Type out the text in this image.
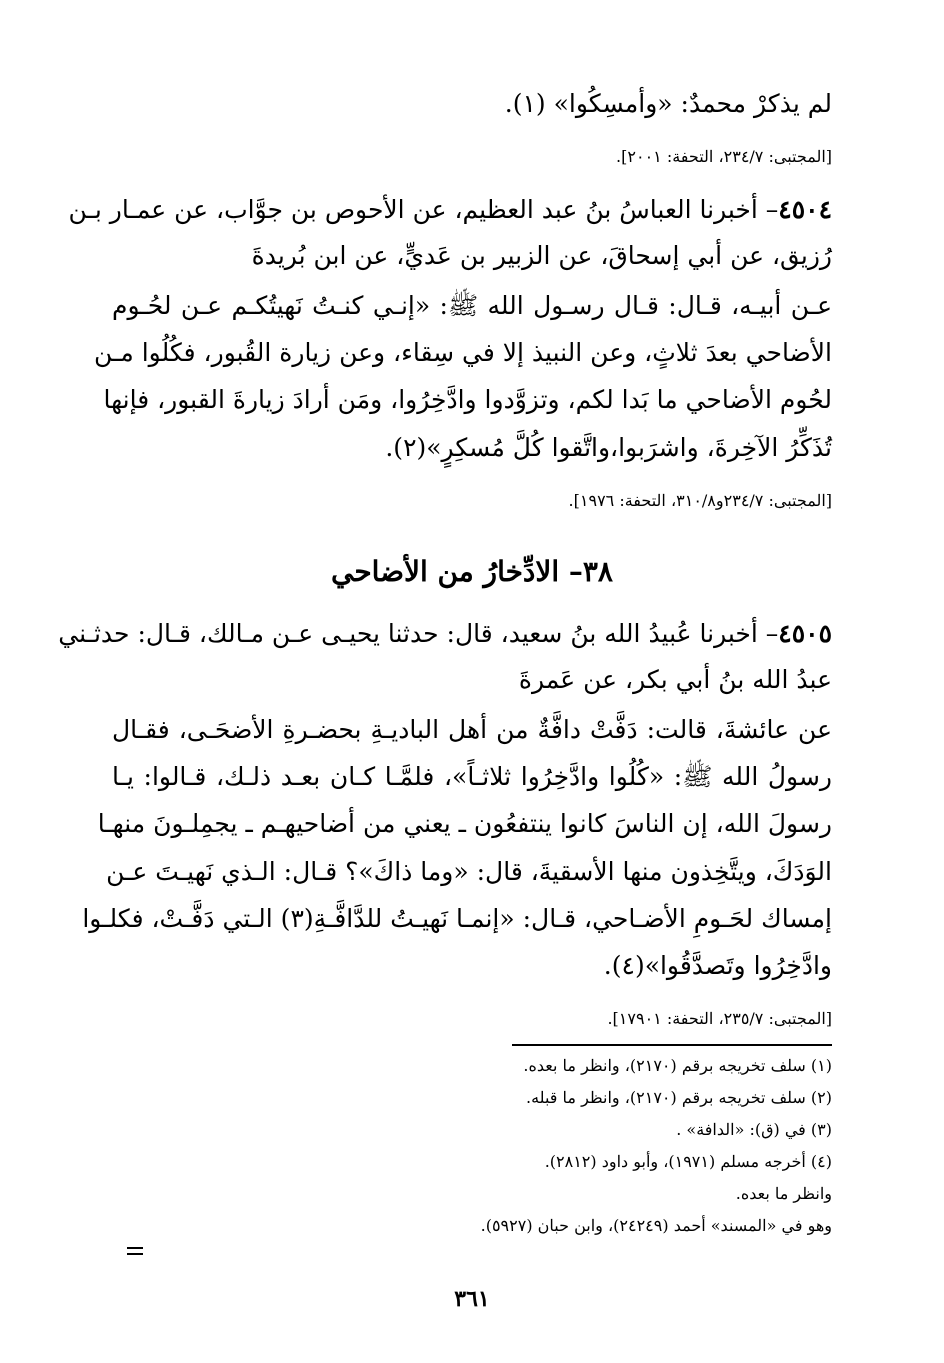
لم يذكرْ محمدٌ: «وأمسِكُوا» (١).
[المجتبى: ٢٣٤/٧، التحفة: ٢٠٠١].
٤٥٠٤– أخبرنا العباسُ بنُ عبد العظيم، عن الأحوص بن جوَّاب، عن عمـار بـن
رُزيق، عن أبي إسحاقَ، عن الزبير بن عَديٍّ، عن ابن بُريدةَ
عـن أبيـه، قـال: قـال رسـول الله ﷺ: «إنـي كنـتُ نَهيتُكـم عـن لحُـوم
الأضاحي بعدَ ثلاثٍ، وعن النبيذ إلا في سِقاء، وعن زيارة القُبور، فكُلُوا مـن
لحُوم الأضاحي ما بَدا لكم، وتزوَّدوا وادَّخِرُوا، ومَن أرادَ زيارةَ القبور، فإنها
تُذَكِّرُ الآخِرةَ، واشرَبوا،واتَّقوا كُلَّ مُسكِرٍ»(٢).
[المجتبى: ٢٣٤/٧و٣١٠/٨، التحفة: ١٩٧٦].
٣٨– الادِّخارُ من الأضاحي
٤٥٠٥– أخبرنا عُبيدُ الله بنُ سعيد، قال: حدثنا يحيـى عـن مـالك، قـال: حدثـني
عبدُ الله بنُ أبي بكر، عن عَمرةَ
عن عائشةَ، قالت: دَفَّتْ دافَّةٌ من أهل الباديـةِ بحضـرةِ الأضحَـى، فقـال
رسولُ الله ﷺ: «كُلُوا وادَّخِرُوا ثلاثـاً»، فلمَّـا كـان بعـد ذلـك، قـالوا: يـا
رسولَ الله، إن الناسَ كانوا ينتفعُون ـ يعني من أضاحيهـم ـ يجمِلـونَ منهـا
الوَدَكَ، ويتَّخِذون منها الأسقيةَ، قال: «وما ذاكَ»؟ قـال: الـذي نَهيـتَ عـن
إمساك لحَـومِ الأضـاحي، قـال: «إنمـا نَهيـتُ للدَّافَّـةِ(٣) الـتي دَفَّـتْ، فكلـوا
وادَّخِرُوا وتَصدَّقُوا»(٤).
[المجتبى: ٢٣٥/٧، التحفة: ١٧٩٠١].
(١) سلف تخريجه برقم (٢١٧٠)، وانظر ما بعده.
(٢) سلف تخريجه برقم (٢١٧٠)، وانظر ما قبله.
(٣) في (ق): «الدافة» .
(٤) أخرجه مسلم (١٩٧١)، وأبو داود (٢٨١٢).
وانظر ما بعده.
وهو في «المسند» أحمد (٢٤٢٤٩)، وابن حبان (٥٩٢٧).
٣٦١
